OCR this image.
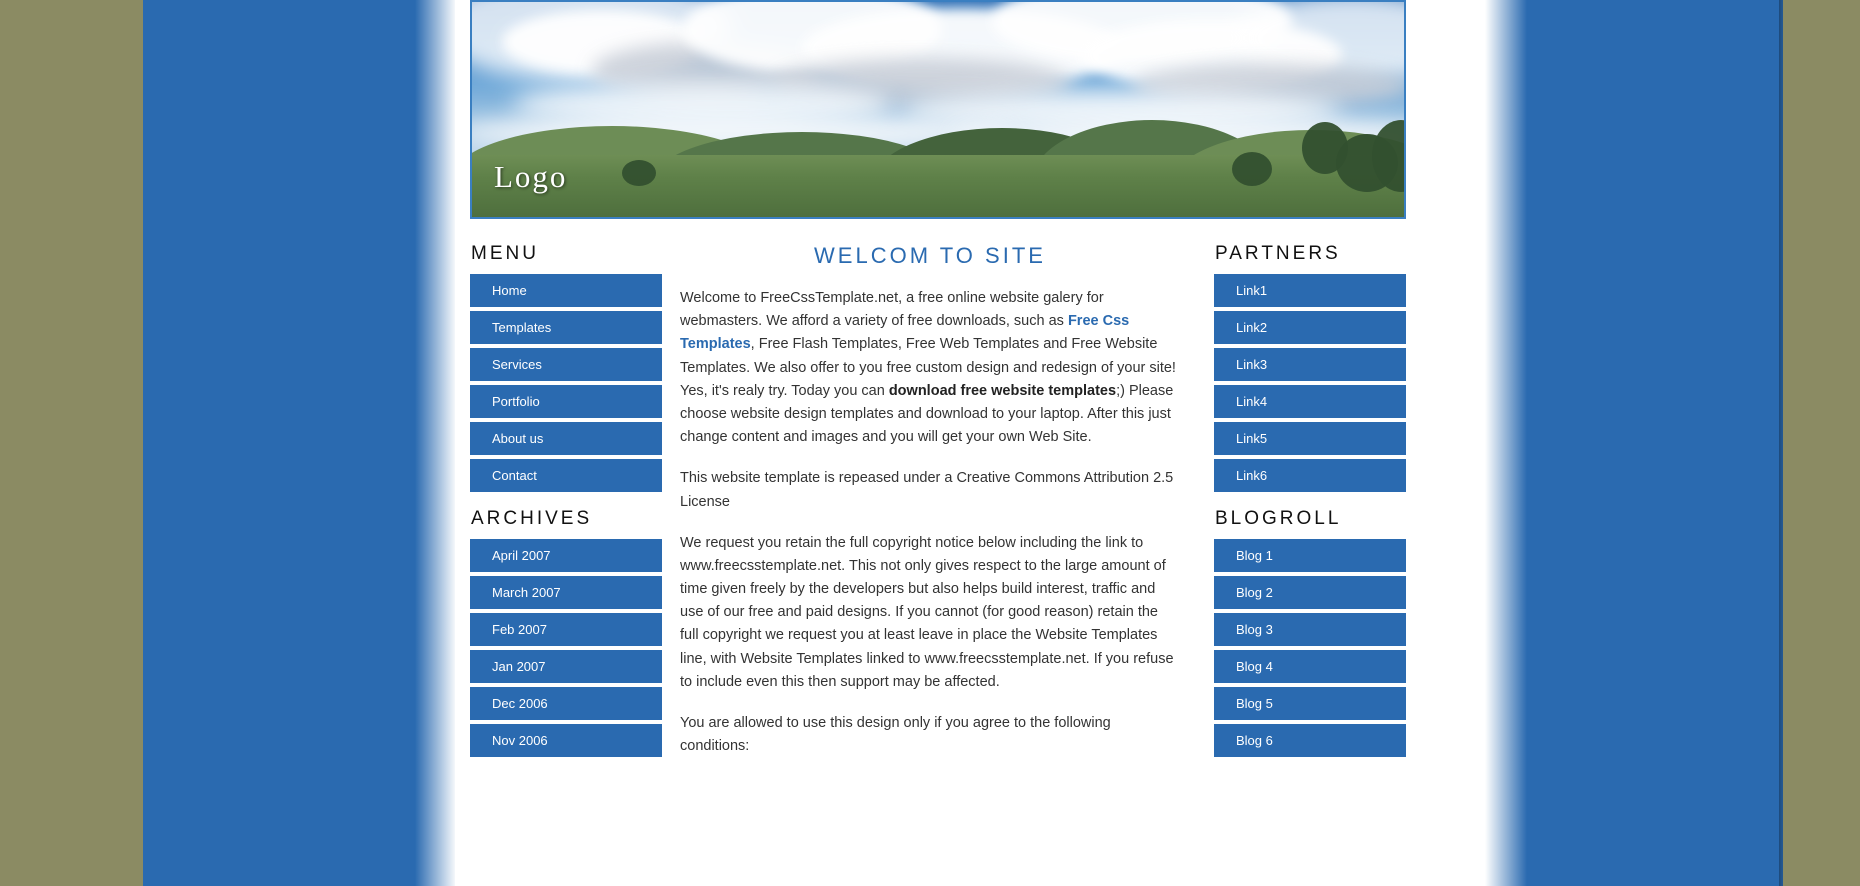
Logo
MENU
Home
Templates
Services
Portfolio
About us
Contact
ARCHIVES
April 2007
March 2007
Feb 2007
Jan 2007
Dec 2006
Nov 2006
WELCOM TO SITE

Welcome to FreeCssTemplate.net, a free online website galery for webmasters. We afford a variety of free downloads, such as Free Css Templates, Free Flash Templates, Free Web Templates and Free Website Templates. We also offer to you free custom design and redesign of your site! Yes, it's realy try. Today you can download free website templates;) Please choose website design templates and download to your laptop. After this just change content and images and you will get your own Web Site.

This website template is repeased under a Creative Commons Attribution 2.5 License

We request you retain the full copyright notice below including the link to www.freecsstemplate.net. This not only gives respect to the large amount of time given freely by the developers but also helps build interest, traffic and use of our free and paid designs. If you cannot (for good reason) retain the full copyright we request you at least leave in place the Website Templates line, with Website Templates linked to www.freecsstemplate.net. If you refuse to include even this then support may be affected.

You are allowed to use this design only if you agree to the following conditions:

PARTNERS
Link1
Link2
Link3
Link4
Link5
Link6
BLOGROLL
Blog 1
Blog 2
Blog 3
Blog 4
Blog 5
Blog 6
